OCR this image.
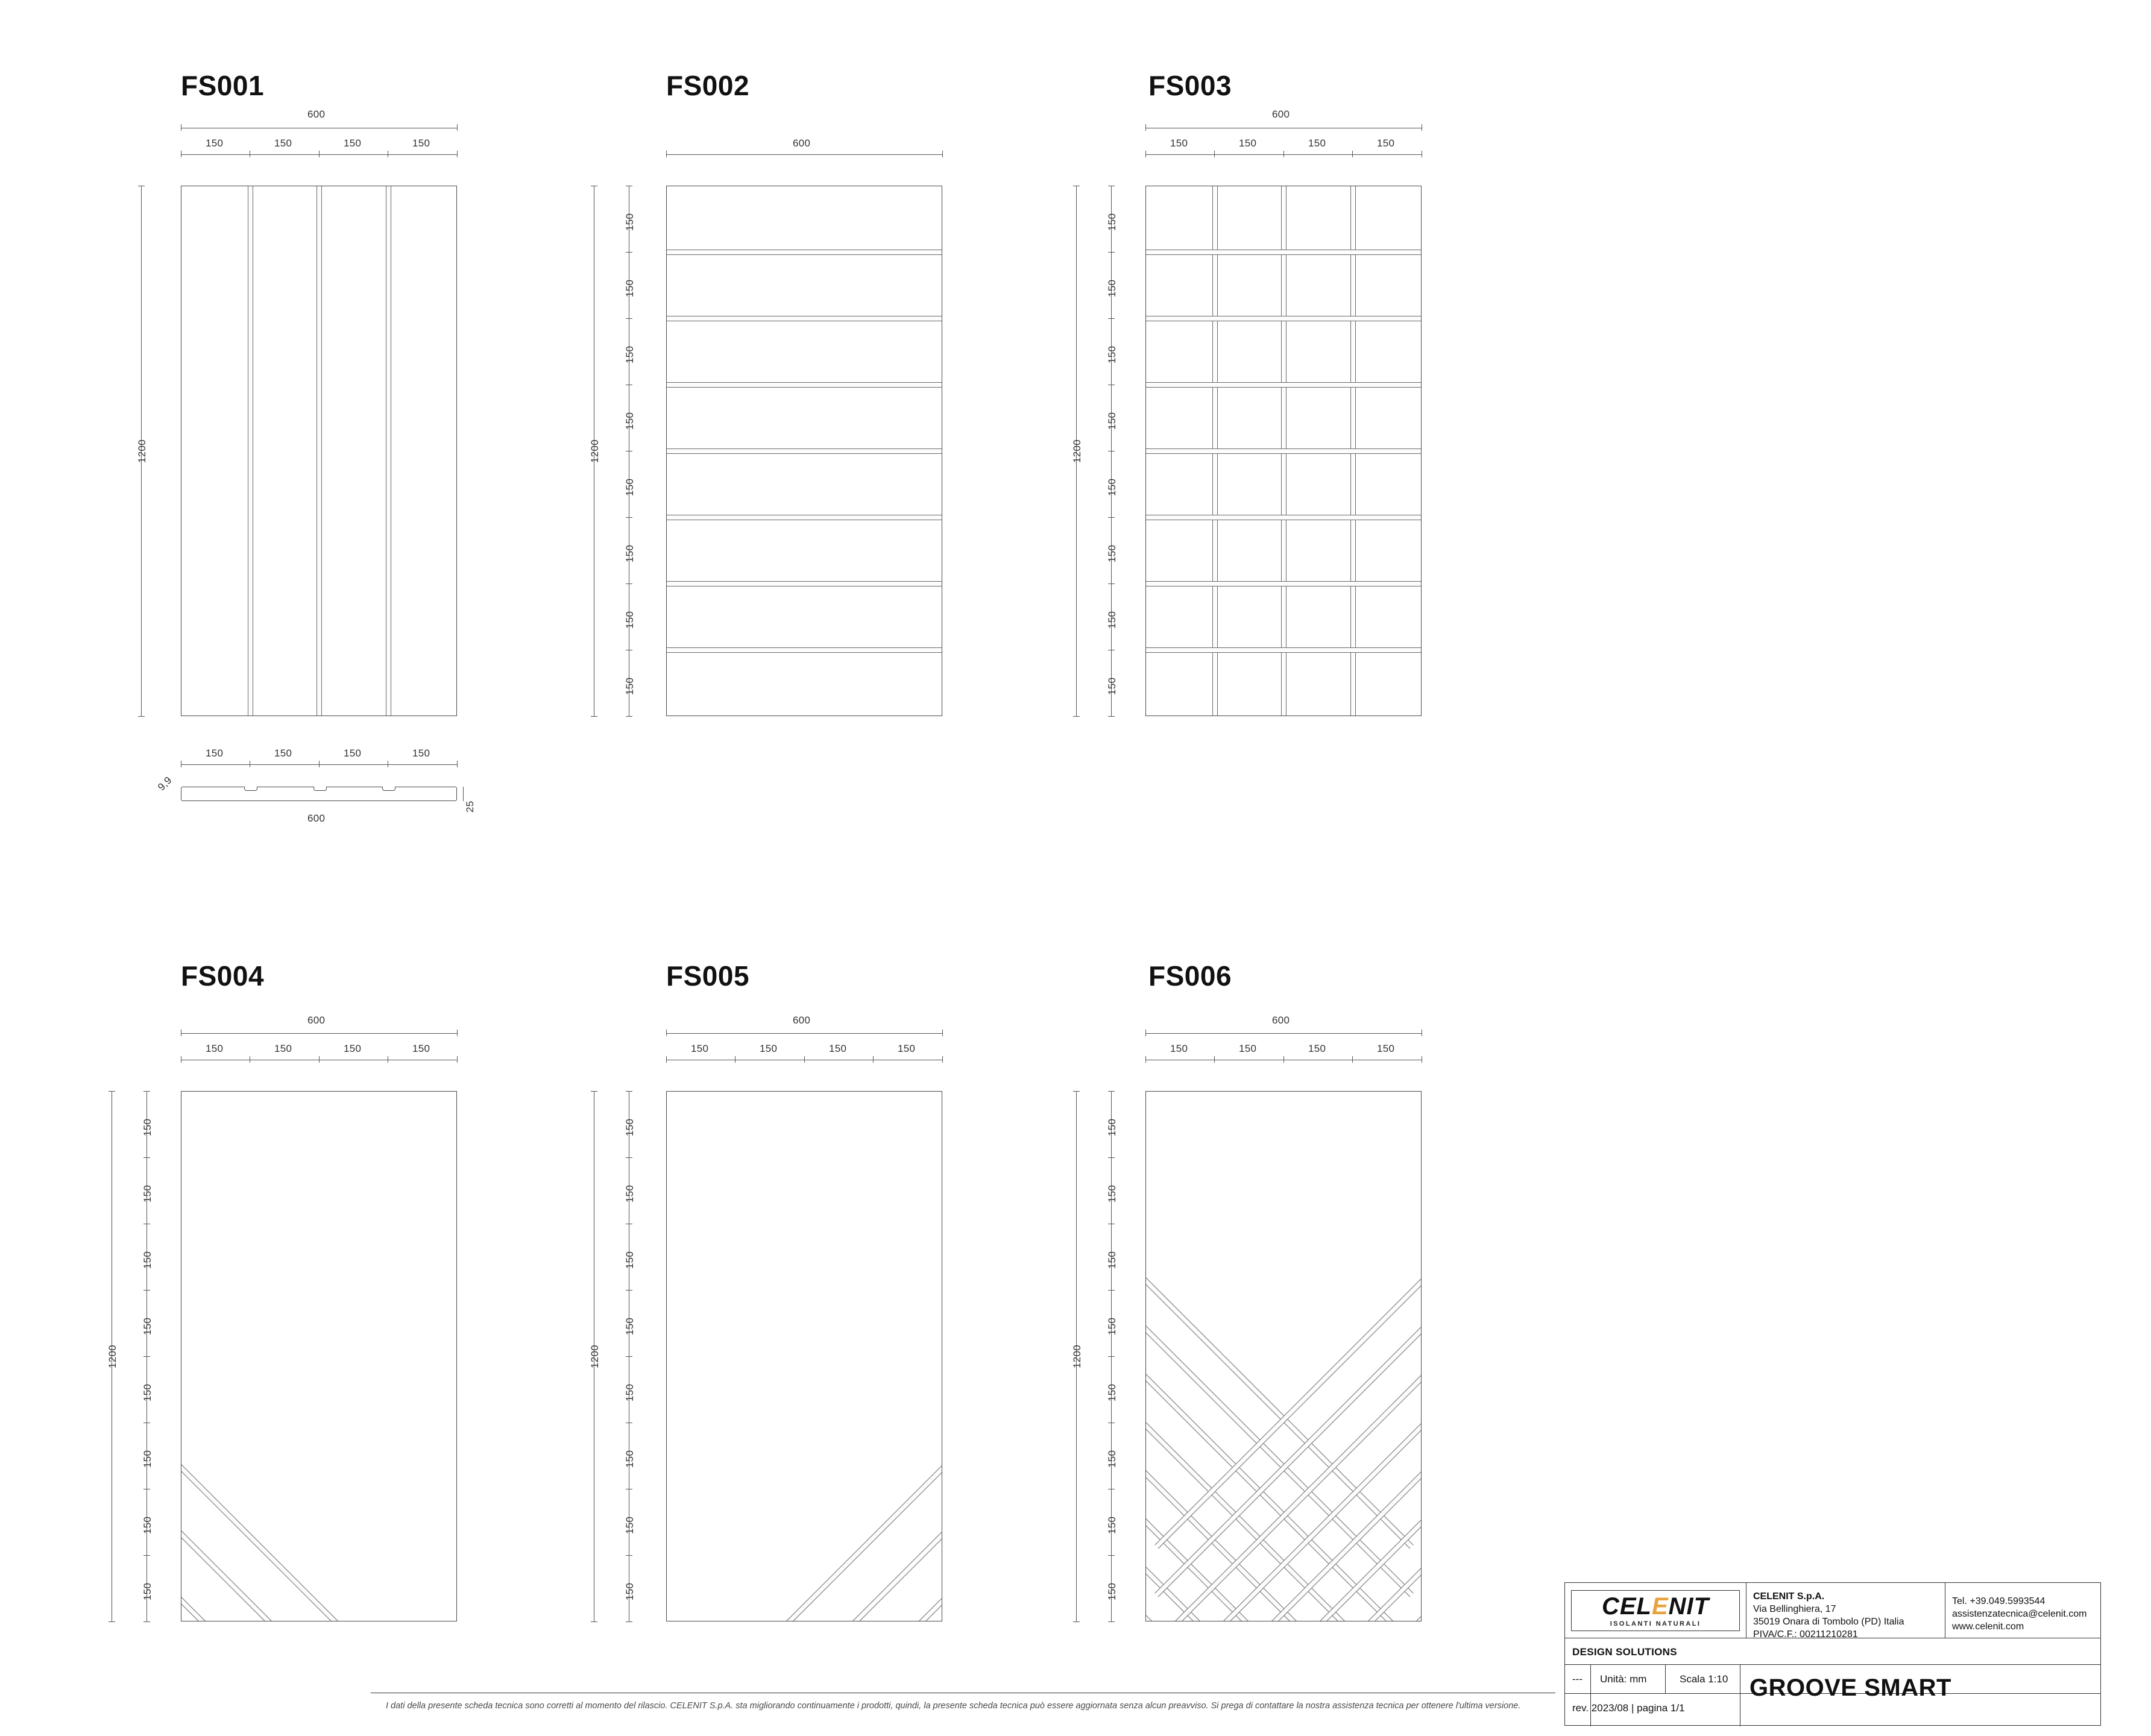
FS001
600
150	150	150	150
1200
150	150	150	150
9,9
600
25
FS002
600
1200
150
150
150
150
150
150
150
150
FS003
600
150	150	150	150
1200
150
150
150
150
150
150
150
150
FS004
600
150	150	150	150
1200
150
150
150
150
150
150
150
150
FS005
600
150	150	150	150
1200
150
150
150
150
150
150
150
150
FS006
600
150	150	150	150
1200
150
150
150
150
150
150
150
150
CELENIT
ISOLANTI NATURALI
CELENIT S.p.A.
Via Bellinghiera, 17
35019 Onara di Tombolo (PD) Italia
PIVA/C.F.: 00211210281
Tel. +39.049.5993544
assistenzatecnica@celenit.com
www.celenit.com
DESIGN SOLUTIONS
--- Unità: mm	Scala 1:10 GROOVE SMART
rev. 2023/08 | pagina 1/1
I dati della presente scheda tecnica sono corretti al momento del rilascio. CELENIT S.p.A. sta migliorando continuamente i prodotti, quindi, la presente scheda tecnica può essere aggiornata senza alcun preavviso. Si prega di contattare la nostra assistenza tecnica per ottenere l'ultima versione.
